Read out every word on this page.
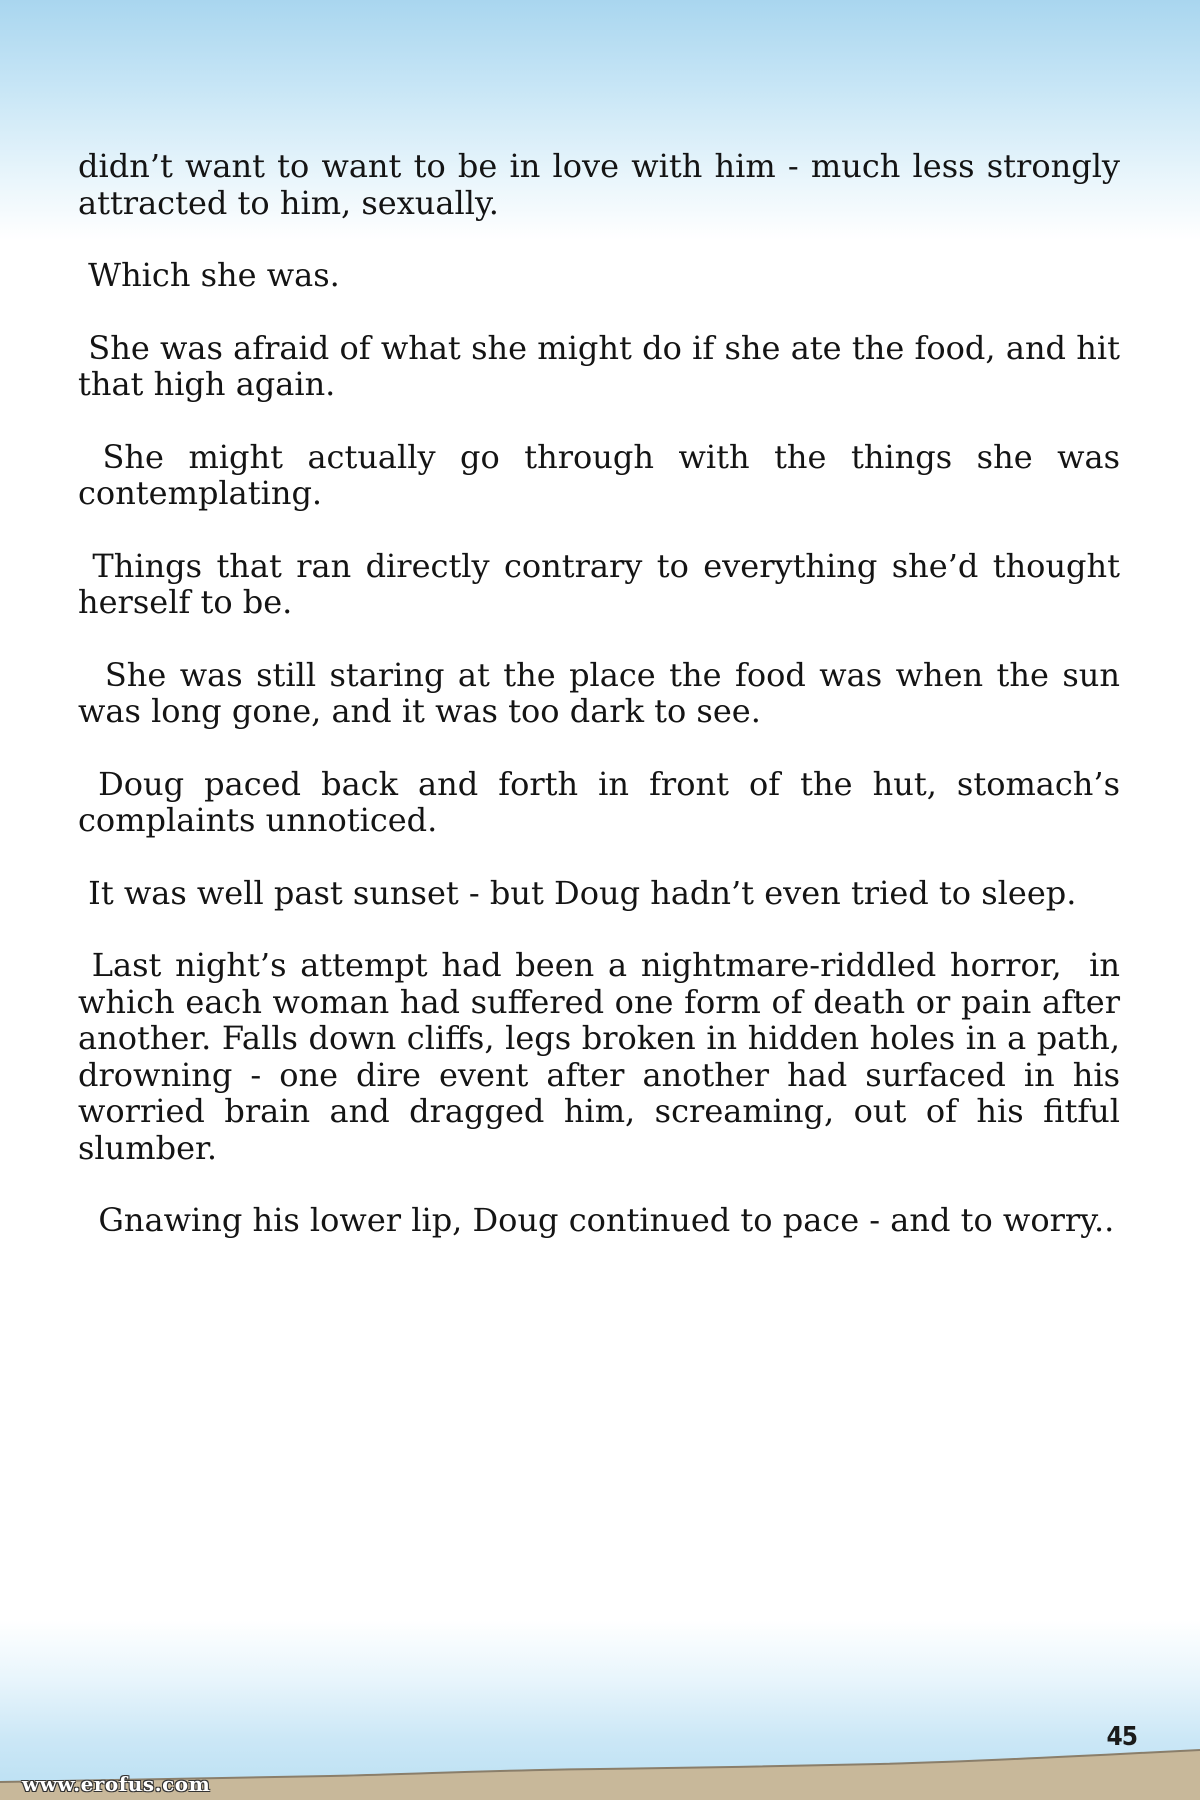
didn’t want to want to be in love with him - much less strongly attracted to him, sexually.

Which she was.

She was afraid of what she might do if she ate the food, and hit that high again.

She might actually go through with the things she was contemplating.

Things that ran directly contrary to everything she’d thought herself to be.

She was still staring at the place the food was when the sun was long gone, and it was too dark to see.

Doug paced back and forth in front of the hut, stomach’s complaints unnoticed.

It was well past sunset - but Doug hadn’t even tried to sleep.

Last night’s attempt had been a nightmare-riddled horror,  in which each woman had suffered one form of death or pain after another. Falls down cliffs, legs broken in hidden holes in a path, drowning - one dire event after another had surfaced in his worried brain and dragged him, screaming, out of his fitful slumber.

Gnawing his lower lip, Doug continued to pace - and to worry..

45
www.erofus.com
